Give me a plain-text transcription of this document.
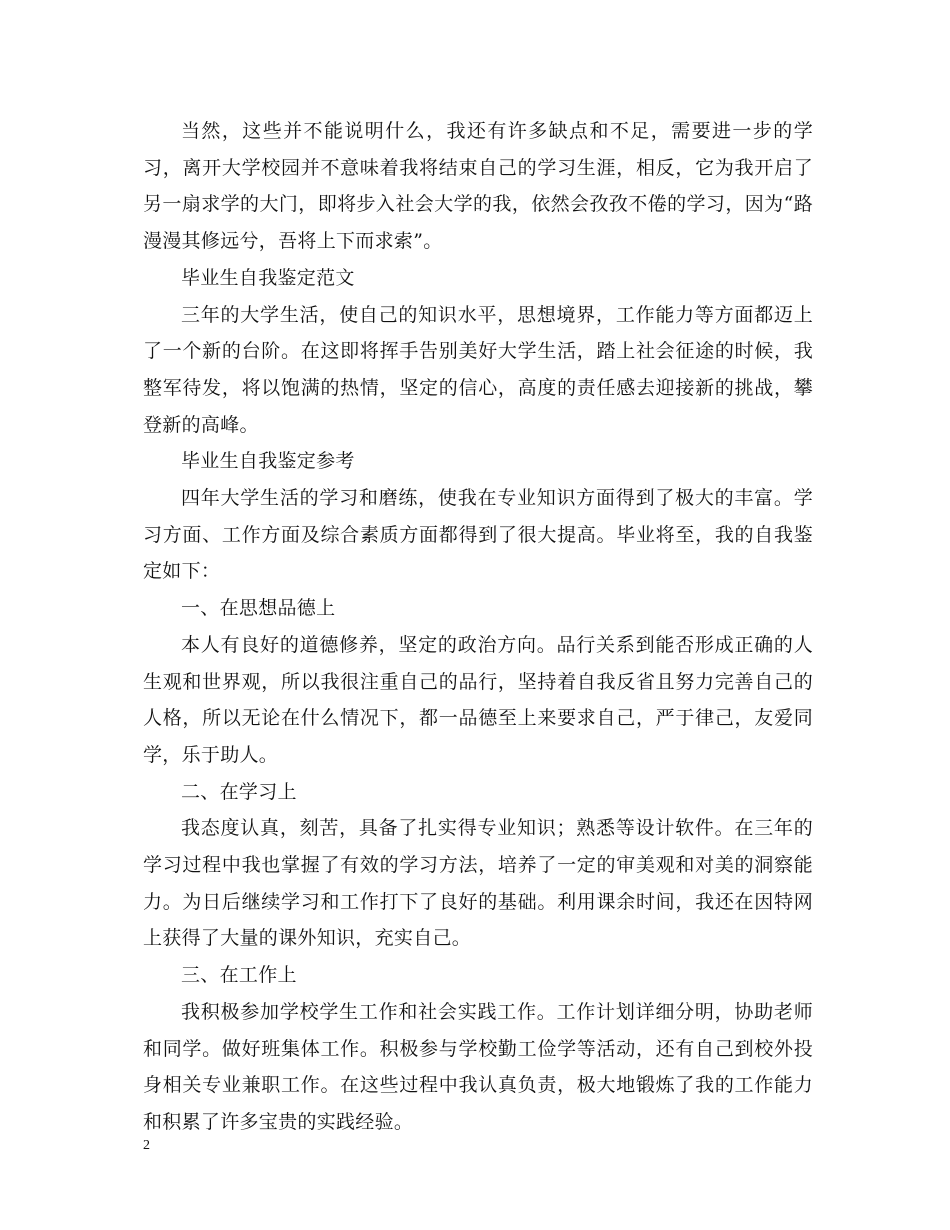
当然，这些并不能说明什么，我还有许多缺点和不足，需要进一步的学习，离开大学校园并不意味着我将结束自己的学习生涯，相反，它为我开启了另一扇求学的大门，即将步入社会大学的我，依然会孜孜不倦的学习，因为“路漫漫其修远兮，吾将上下而求索”。

毕业生自我鉴定范文

三年的大学生活，使自己的知识水平，思想境界，工作能力等方面都迈上了一个新的台阶。在这即将挥手告别美好大学生活，踏上社会征途的时候，我整军待发，将以饱满的热情，坚定的信心，高度的责任感去迎接新的挑战，攀登新的高峰。

毕业生自我鉴定参考

四年大学生活的学习和磨练，使我在专业知识方面得到了极大的丰富。学习方面、工作方面及综合素质方面都得到了很大提高。毕业将至，我的自我鉴定如下：

一、在思想品德上

本人有良好的道德修养，坚定的政治方向。品行关系到能否形成正确的人生观和世界观，所以我很注重自己的品行，坚持着自我反省且努力完善自己的人格，所以无论在什么情况下，都一品德至上来要求自己，严于律己，友爱同学，乐于助人。

二、在学习上

我态度认真，刻苦，具备了扎实得专业知识；熟悉等设计软件。在三年的学习过程中我也掌握了有效的学习方法，培养了一定的审美观和对美的洞察能力。为日后继续学习和工作打下了良好的基础。利用课余时间，我还在因特网上获得了大量的课外知识，充实自己。

三、在工作上

我积极参加学校学生工作和社会实践工作。工作计划详细分明，协助老师和同学。做好班集体工作。积极参与学校勤工俭学等活动，还有自己到校外投身相关专业兼职工作。在这些过程中我认真负责，极大地锻炼了我的工作能力和积累了许多宝贵的实践经验。

2
